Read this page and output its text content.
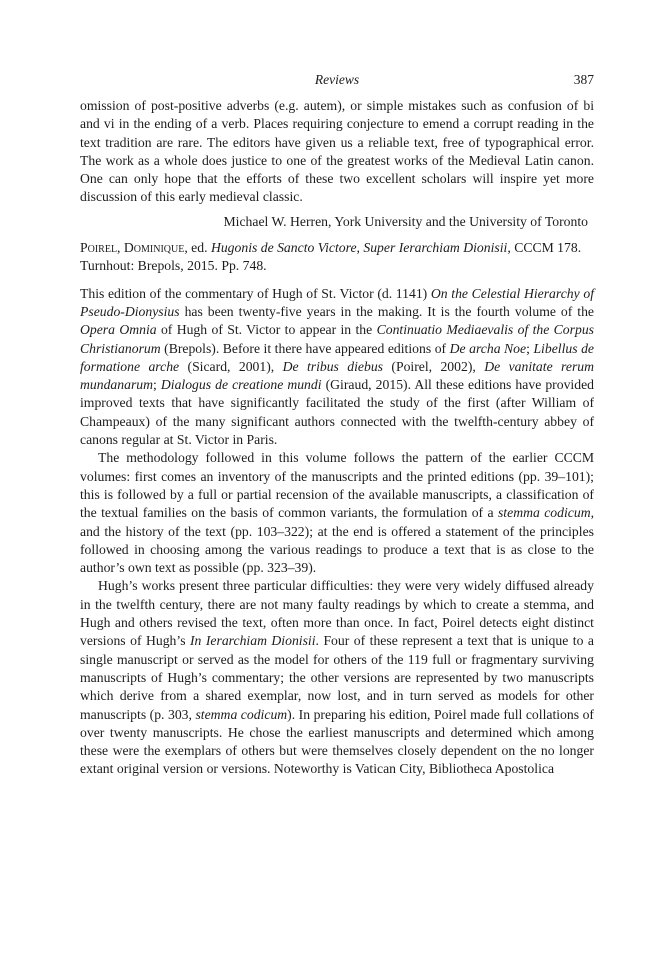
Reviews	387

omission of post-positive adverbs (e.g. autem), or simple mistakes such as confusion of bi and vi in the ending of a verb. Places requiring conjecture to emend a corrupt reading in the text tradition are rare. The editors have given us a reliable text, free of typographical error. The work as a whole does justice to one of the greatest works of the Medieval Latin canon. One can only hope that the efforts of these two excellent scholars will inspire yet more discussion of this early medieval classic.

Michael W. Herren, York University and the University of Toronto

Poirel, Dominique, ed. Hugonis de Sancto Victore, Super Ierarchiam Dionisii, CCCM 178. Turnhout: Brepols, 2015. Pp. 748.

This edition of the commentary of Hugh of St. Victor (d. 1141) On the Celestial Hierarchy of Pseudo-Dionysius has been twenty-five years in the making. It is the fourth volume of the Opera Omnia of Hugh of St. Victor to appear in the Continuatio Mediaevalis of the Corpus Christianorum (Brepols). Before it there have appeared editions of De archa Noe; Libellus de formatione arche (Sicard, 2001), De tribus diebus (Poirel, 2002), De vanitate rerum mundanarum; Dialogus de creatione mundi (Giraud, 2015). All these editions have provided improved texts that have significantly facilitated the study of the first (after William of Champeaux) of the many significant authors connected with the twelfth-century abbey of canons regular at St. Victor in Paris.

The methodology followed in this volume follows the pattern of the earlier CCCM volumes: first comes an inventory of the manuscripts and the printed editions (pp. 39–101); this is followed by a full or partial recension of the available manuscripts, a classification of the textual families on the basis of common variants, the formulation of a stemma codicum, and the history of the text (pp. 103–322); at the end is offered a statement of the principles followed in choosing among the various readings to produce a text that is as close to the author’s own text as possible (pp. 323–39).

Hugh’s works present three particular difficulties: they were very widely diffused already in the twelfth century, there are not many faulty readings by which to create a stemma, and Hugh and others revised the text, often more than once. In fact, Poirel detects eight distinct versions of Hugh’s In Ierarchiam Dionisii. Four of these represent a text that is unique to a single manuscript or served as the model for others of the 119 full or fragmentary surviving manuscripts of Hugh’s commentary; the other versions are represented by two manuscripts which derive from a shared exemplar, now lost, and in turn served as models for other manuscripts (p. 303, stemma codicum). In preparing his edition, Poirel made full collations of over twenty manuscripts. He chose the earliest manuscripts and determined which among these were the exemplars of others but were themselves closely dependent on the no longer extant original version or versions. Noteworthy is Vatican City, Bibliotheca Apostolica
